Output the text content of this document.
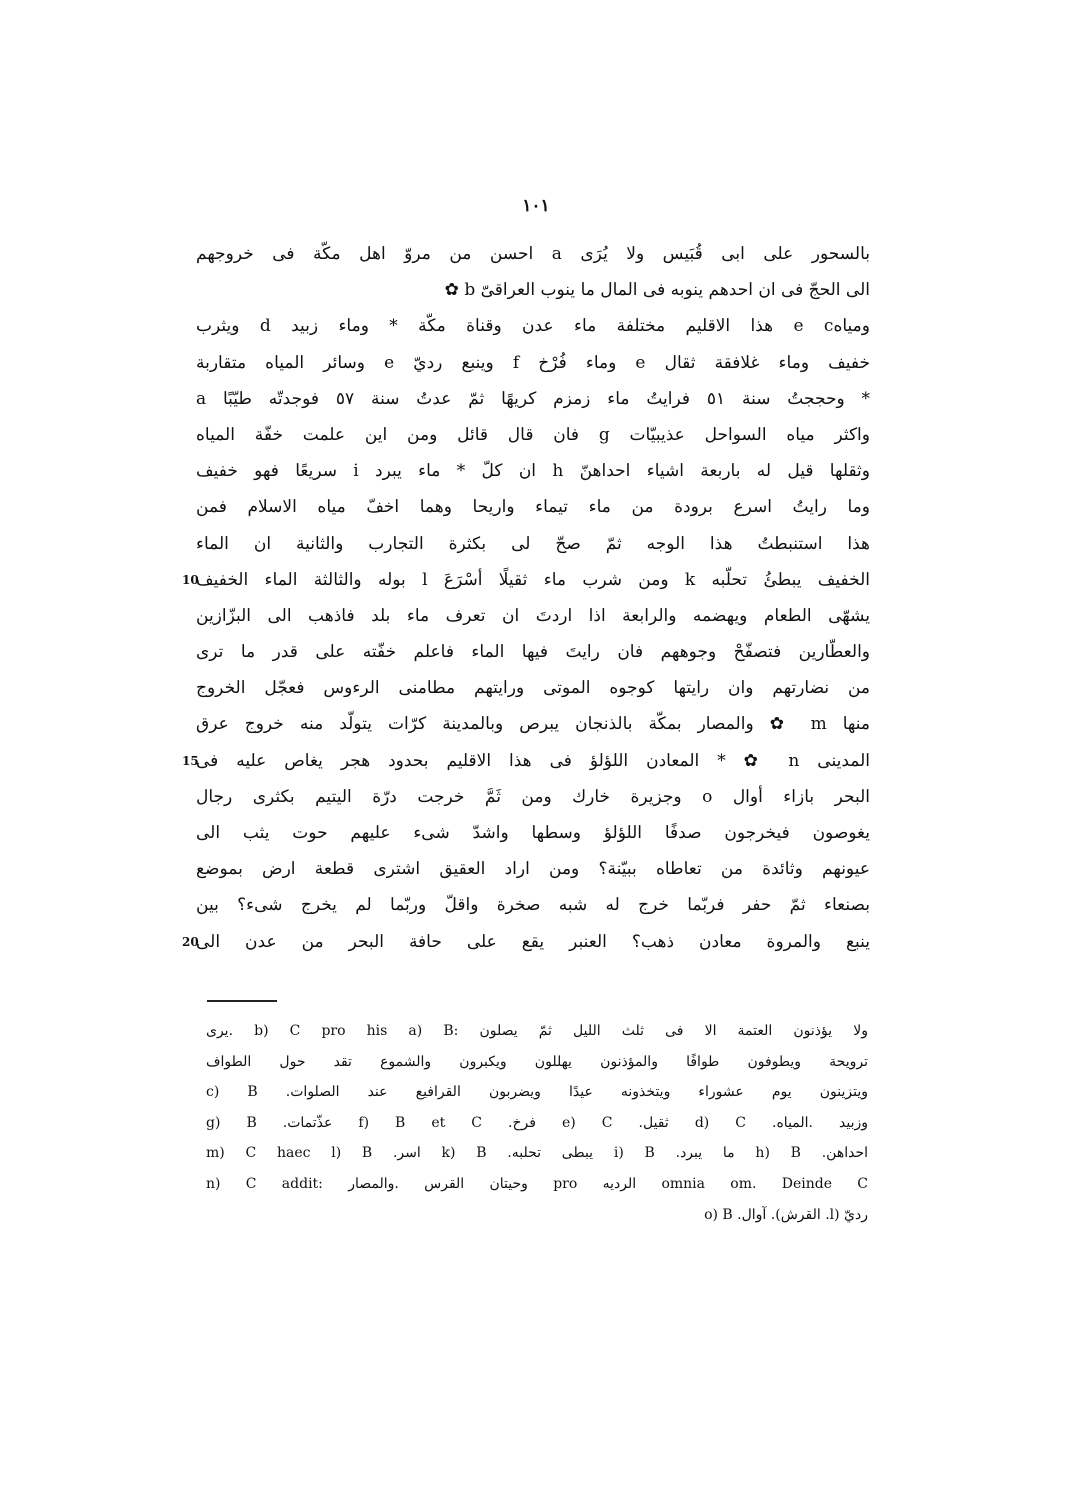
١٠١
بالسحور على ابى قُبَيس ولا يُرَى a احسن من مروّ اهل مكّة فى خروجهم
الى الحجّ فى ان احدهم ينوبه فى المال ما ينوب العراقىّ b ✿
ومياهe c هذا الاقليم مختلفة ماء عدن وقناة مكّة * وماء زبيد d ويثرب
خفيف وماء غلافقة ثقال e وماء فُرْخ f وينبع رديّ e وسائر المياه متقاربة
* وحججتُ سنة ٥١ فرايتُ ماء زمزم كريهًا ثمّ عدتُ سنة ٥٧ فوجدتّه طيّبًا a
واكثر مياه السواحل عذيبيّات g فان قال قائل ومن اين علمت خفّة المياه
وثقلها قيل له باربعة اشياء احداهنّ h ان كلّ * ماء يبرد i سريعًا فهو خفيف
وما رايتُ اسرع برودة من ماء تيماء واريحا وهما اخفّ مياه الاسلام فمن
هذا استنبطتُ هذا الوجه ثمّ صحّ لى بكثرة التجارب والثانية ان الماء
10
الخفيف يبطئُ تحلّبه k ومن شرب ماء ثقيلًا أسْرَعَ l بوله والثالثة الماء الخفيف
يشهّى الطعام ويهضمه والرابعة اذا اردتَ ان تعرف ماء بلد فاذهب الى البزّازين
والعطّارين فتصفّحْ وجوههم فان رايتَ فيها الماء فاعلم خفّته على قدر ما ترى
من نضارتهم وان رايتها كوجوه الموتى ورايتهم مطامنى الرءوس فعجّل الخروج
منها m ✿ والمصار بمكّة بالذنجان يبرص وبالمدينة كرّات يتولّد منه خروج عرق
15
المدينى n ✿ * المعادن اللؤلؤ فى هذا الاقليم بحدود هجر يغاص عليه فى
البحر بازاء أوال o وجزيرة خارك ومن ثَمَّ خرجت درّة اليتيم بكثرى رجال
يغوصون فيخرجون صدفًا اللؤلؤ وسطها واشدّ شىء عليهم حوت يثب الى
عيونهم وثائدة من تعاطاه ببيّنة؟ ومن اراد العقيق اشترى قطعة ارض بموضع
بصنعاء ثمّ حفر فربّما خرج له شبه صخرة واقلّ وربّما لم يخرج شىء؟ بين
20
ينبع والمروة معادن ذهب؟ العنبر يقع على حافة البحر من عدن الى
ولا يؤذنون العتمة الا فى ثلث الليل ثمّ يصلون :b) C pro his a) B .يرى
ترويحة ويطوفون طوافًا والمؤذنون يهللون ويكبرون والشموع تقد حول الطواف
c) B .ويتزينون يوم عشوراء ويتخذونه عيدًا ويضربون القرافيع عند الصلوات
g) B .عذّتمات f) B et C .فرخ e) C .ثقيل d) C .وزبيد .المياه
m) C haec l) B .اسر k) B .يبطى تحلبه i) B .ما يبرد h) B .احداهن
n) C addit: وحيتان القرس .والمصار pro الرديه omnia om. Deinde C
o) B .آوال .(القرش .l) رديّ
